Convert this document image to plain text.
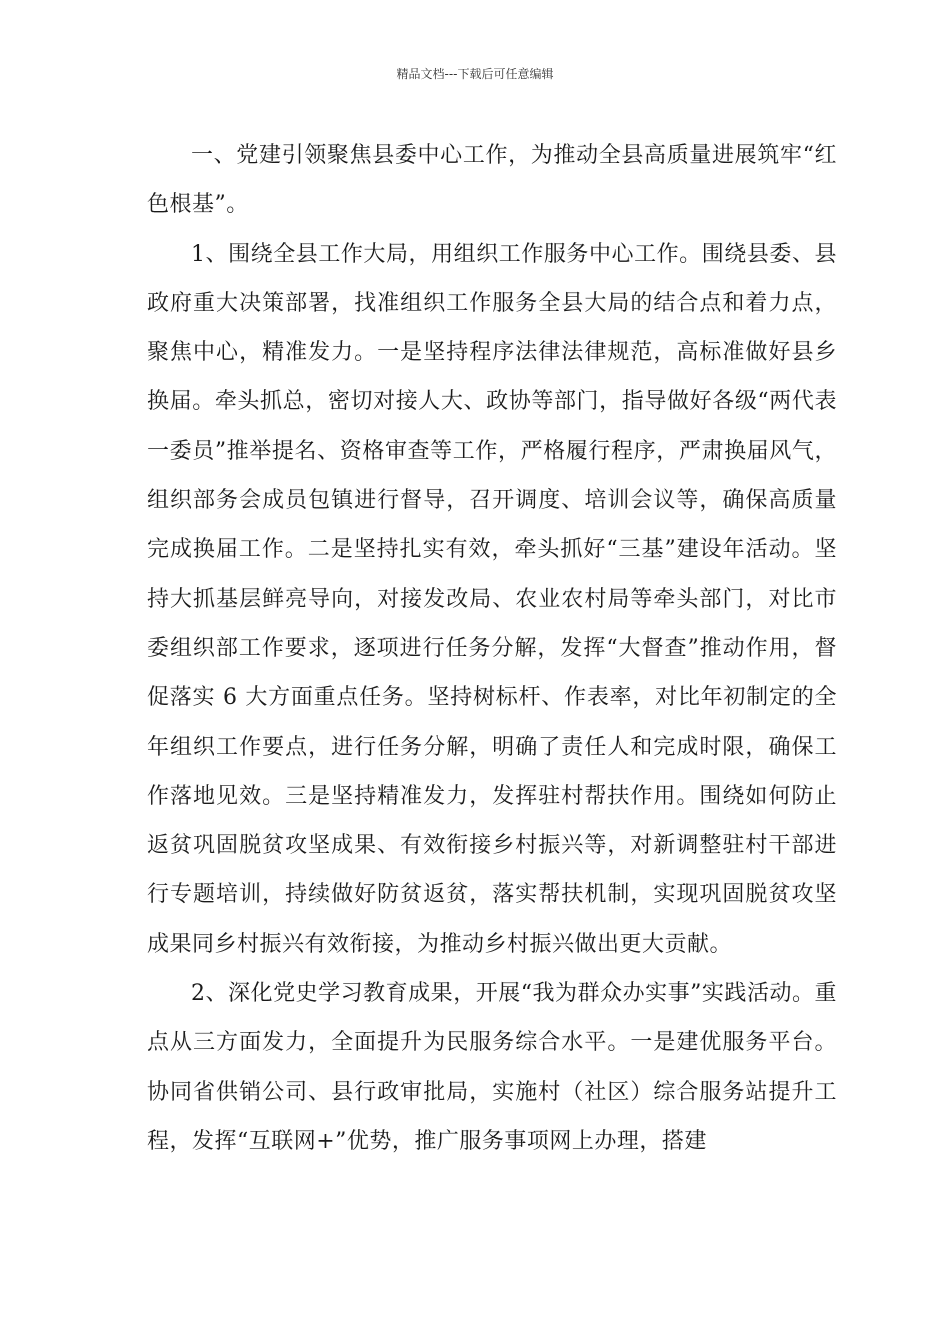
精品文档---下载后可任意编辑

一、党建引领聚焦县委中心工作，为推动全县高质量进展筑牢“红色根基”。

1、围绕全县工作大局，用组织工作服务中心工作。围绕县委、县政府重大决策部署，找准组织工作服务全县大局的结合点和着力点，聚焦中心，精准发力。一是坚持程序法律法律规范，高标准做好县乡换届。牵头抓总，密切对接人大、政协等部门，指导做好各级“两代表一委员”推举提名、资格审查等工作，严格履行程序，严肃换届风气，组织部务会成员包镇进行督导，召开调度、培训会议等，确保高质量完成换届工作。二是坚持扎实有效，牵头抓好“三基”建设年活动。坚持大抓基层鲜亮导向，对接发改局、农业农村局等牵头部门，对比市委组织部工作要求，逐项进行任务分解，发挥“大督查”推动作用，督促落实 6 大方面重点任务。坚持树标杆、作表率，对比年初制定的全年组织工作要点，进行任务分解，明确了责任人和完成时限，确保工作落地见效。三是坚持精准发力，发挥驻村帮扶作用。围绕如何防止返贫巩固脱贫攻坚成果、有效衔接乡村振兴等，对新调整驻村干部进行专题培训，持续做好防贫返贫，落实帮扶机制，实现巩固脱贫攻坚成果同乡村振兴有效衔接，为推动乡村振兴做出更大贡献。

2、深化党史学习教育成果，开展“我为群众办实事”实践活动。重点从三方面发力，全面提升为民服务综合水平。一是建优服务平台。协同省供销公司、县行政审批局，实施村（社区）综合服务站提升工程，发挥“互联网+”优势，推广服务事项网上办理，搭建
